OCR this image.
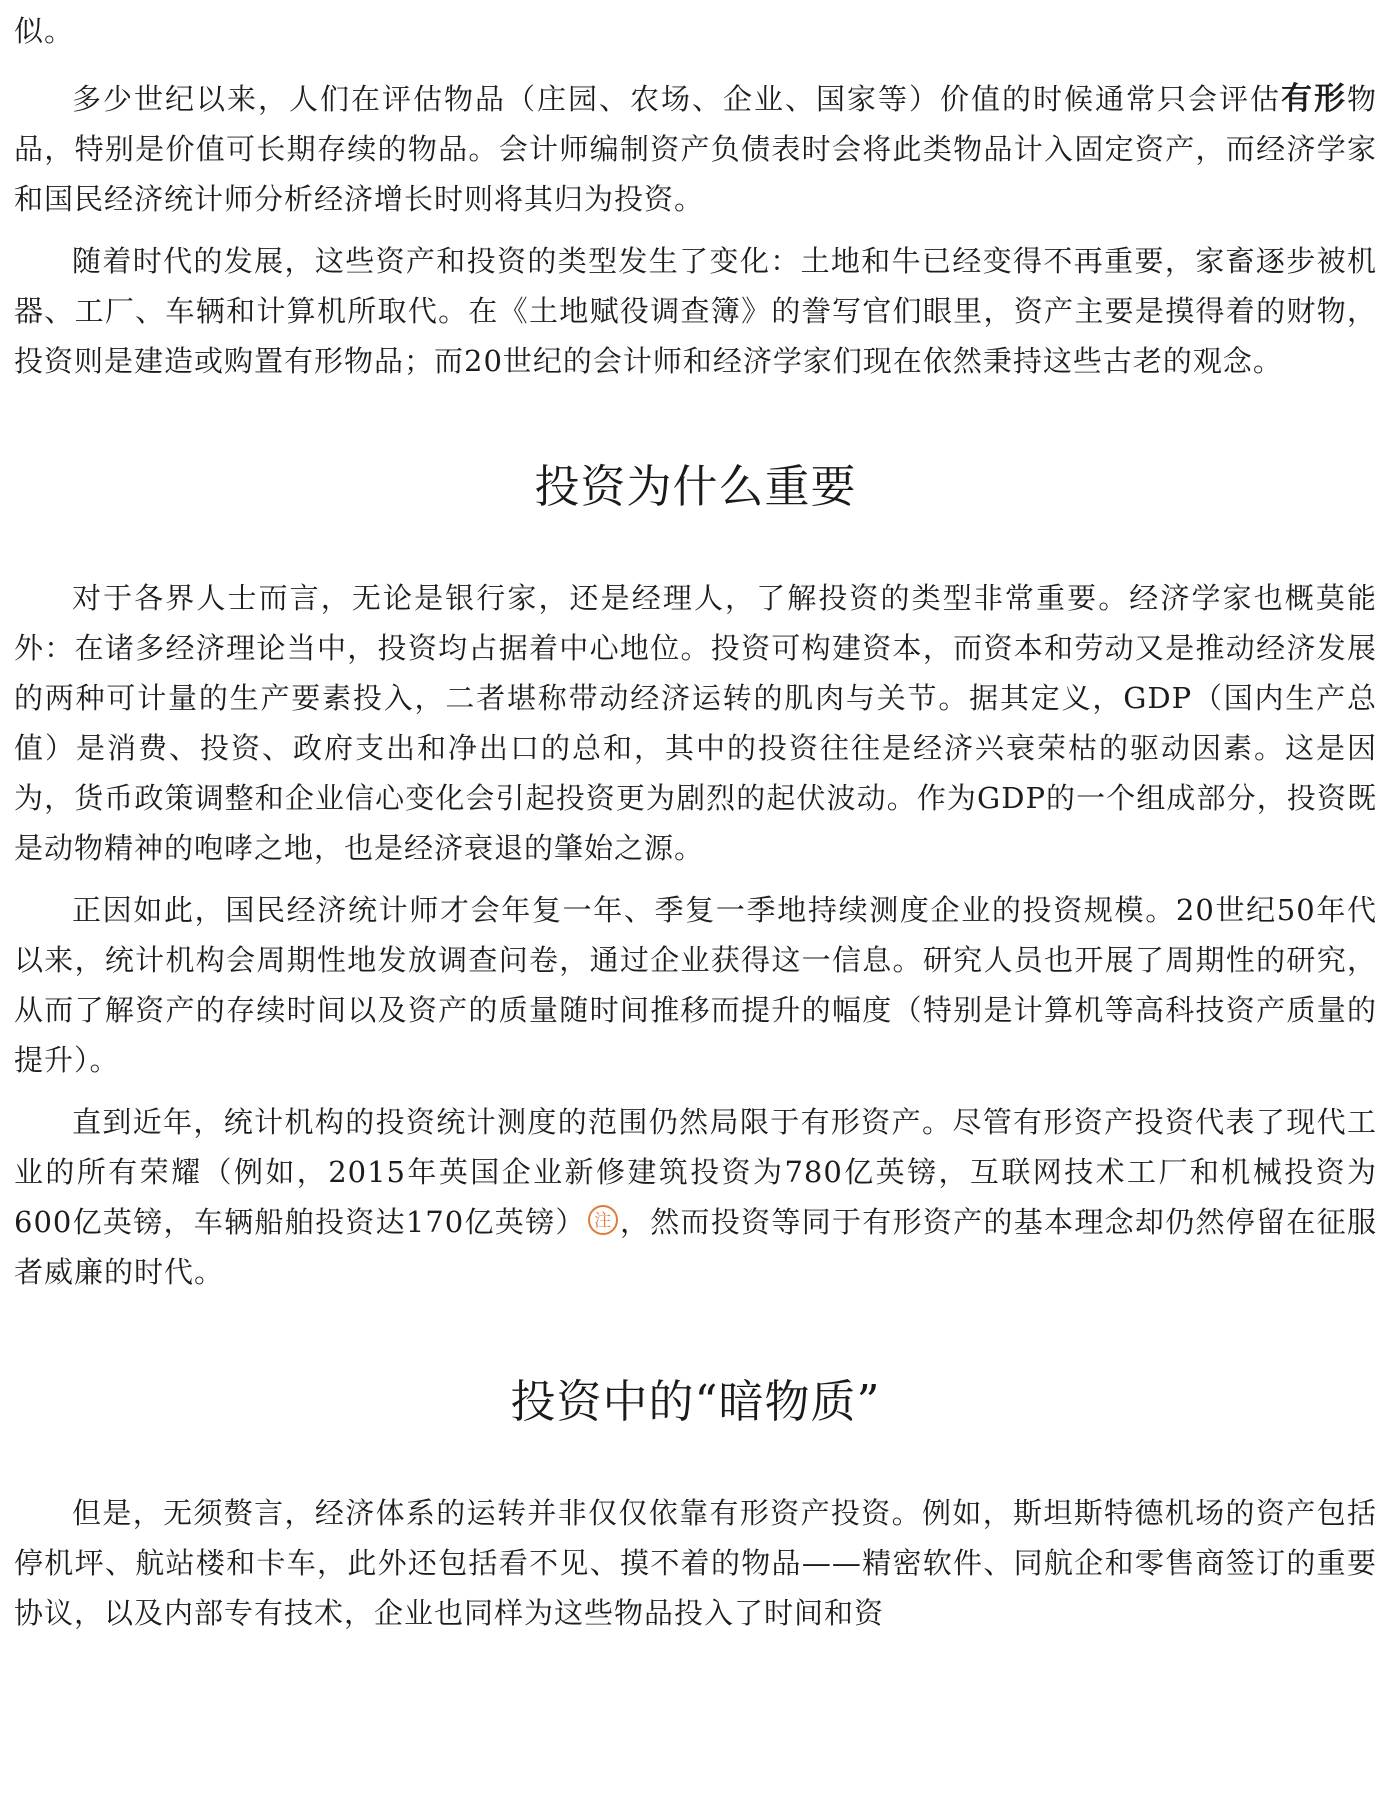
似。

多少世纪以来，人们在评估物品（庄园、农场、企业、国家等）价值的时候通常只会评估有形物品，特别是价值可长期存续的物品。会计师编制资产负债表时会将此类物品计入固定资产，而经济学家和国民经济统计师分析经济增长时则将其归为投资。

随着时代的发展，这些资产和投资的类型发生了变化：土地和牛已经变得不再重要，家畜逐步被机器、工厂、车辆和计算机所取代。在《土地赋役调查簿》的誊写官们眼里，资产主要是摸得着的财物，投资则是建造或购置有形物品；而20世纪的会计师和经济学家们现在依然秉持这些古老的观念。

投资为什么重要

对于各界人士而言，无论是银行家，还是经理人，了解投资的类型非常重要。经济学家也概莫能外：在诸多经济理论当中，投资均占据着中心地位。投资可构建资本，而资本和劳动又是推动经济发展的两种可计量的生产要素投入，二者堪称带动经济运转的肌肉与关节。据其定义，GDP（国内生产总值）是消费、投资、政府支出和净出口的总和，其中的投资往往是经济兴衰荣枯的驱动因素。这是因为，货币政策调整和企业信心变化会引起投资更为剧烈的起伏波动。作为GDP的一个组成部分，投资既是动物精神的咆哮之地，也是经济衰退的肇始之源。

正因如此，国民经济统计师才会年复一年、季复一季地持续测度企业的投资规模。20世纪50年代以来，统计机构会周期性地发放调查问卷，通过企业获得这一信息。研究人员也开展了周期性的研究，从而了解资产的存续时间以及资产的质量随时间推移而提升的幅度（特别是计算机等高科技资产质量的提升）。

直到近年，统计机构的投资统计测度的范围仍然局限于有形资产。尽管有形资产投资代表了现代工业的所有荣耀（例如，2015年英国企业新修建筑投资为780亿英镑，互联网技术工厂和机械投资为600亿英镑，车辆船舶投资达170亿英镑） 注 ，然而投资等同于有形资产的基本理念却仍然停留在征服者威廉的时代。

投资中的“暗物质”

但是，无须赘言，经济体系的运转并非仅仅依靠有形资产投资。例如，斯坦斯特德机场的资产包括停机坪、航站楼和卡车，此外还包括看不见、摸不着的物品——精密软件、同航企和零售商签订的重要协议，以及内部专有技术，企业也同样为这些物品投入了时间和资
